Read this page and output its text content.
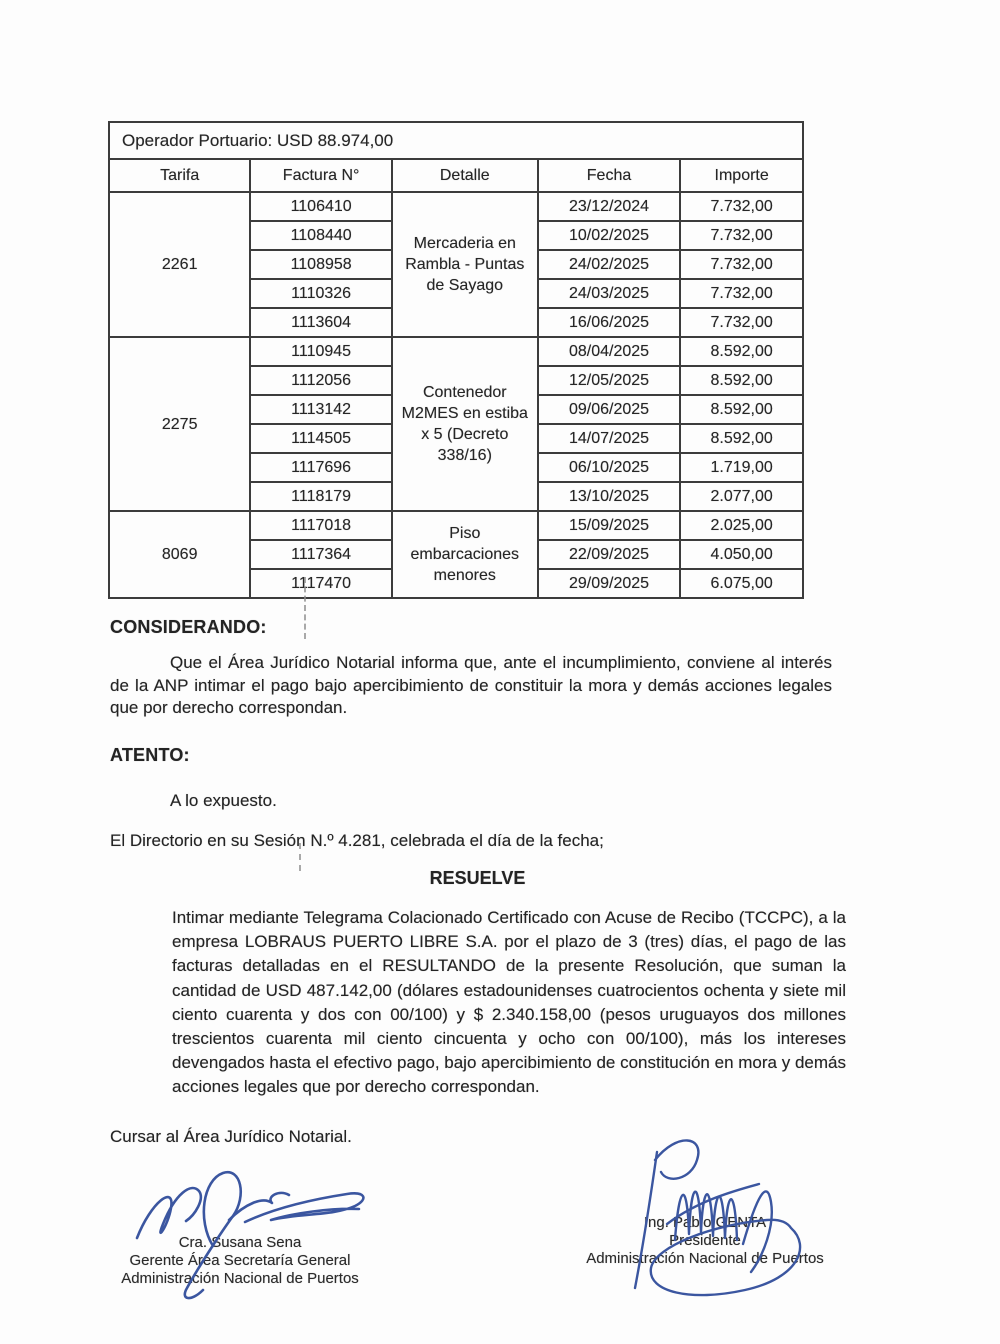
Operador Portuario: USD 88.974,00				
Tarifa	Factura N°	Detalle	Fecha	Importe
2261	1106410	Mercaderia en Rambla - Puntas de Sayago	23/12/2024	7.732,00
	1108440		10/02/2025	7.732,00
	1108958		24/02/2025	7.732,00
	1110326		24/03/2025	7.732,00
	1113604		16/06/2025	7.732,00
2275	1110945	Contenedor M2MES en estiba x 5 (Decreto 338/16)	08/04/2025	8.592,00
	1112056		12/05/2025	8.592,00
	1113142		09/06/2025	8.592,00
	1114505		14/07/2025	8.592,00
	1117696		06/10/2025	1.719,00
	1118179		13/10/2025	2.077,00
8069	1117018	Piso embarcaciones menores	15/09/2025	2.025,00
	1117364		22/09/2025	4.050,00
	1117470		29/09/2025	6.075,00
CONSIDERANDO:
Que el Área Jurídico Notarial informa que, ante el incumplimiento, conviene al interés de la ANP intimar el pago bajo apercibimiento de constituir la mora y demás acciones legales que por derecho correspondan.
ATENTO:
A lo expuesto.
El Directorio en su Sesión N.º 4.281, celebrada el día de la fecha;
RESUELVE
Intimar mediante Telegrama Colacionado Certificado con Acuse de Recibo (TCCPC), a la empresa LOBRAUS PUERTO LIBRE S.A. por el plazo de 3 (tres) días, el pago de las facturas detalladas en el RESULTANDO de la presente Resolución, que suman la cantidad de USD 487.142,00 (dólares estadounidenses cuatrocientos ochenta y siete mil ciento cuarenta y dos con 00/100) y $ 2.340.158,00 (pesos uruguayos dos millones trescientos cuarenta mil ciento cincuenta y ocho con 00/100), más los intereses devengados hasta el efectivo pago, bajo apercibimiento de constitución en mora y demás acciones legales que por derecho correspondan.
Cursar al Área Jurídico Notarial.
Cra. Susana Sena
Gerente Área Secretaría General
Administración Nacional de Puertos
Ing. Pablo GENTA
Presidente
Administración Nacional de Puertos
